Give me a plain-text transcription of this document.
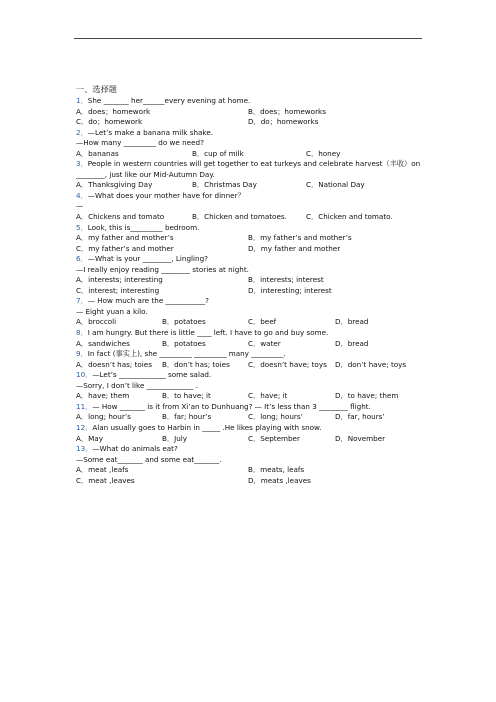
一、选择题
1．She _______ her______every evening at home.
A．does；homework	B．does；homeworks
C．do；homework	D．do；homeworks
2．—Let’s make a banana milk shake.
—How many _________ do we need?
A．bananas	B．cup of milk	C．honey
3．People in western countries will get together to eat turkeys and celebrate harvest（丰收）on
________, just like our Mid-Autumn Day.
A．Thanksgiving Day	B．Christmas Day	C．National Day
4．—What does your mother have for dinner？
—
A．Chickens and tomato	B．Chicken and tomatoes.	C．Chicken and tomato.
5．Look, this is_________ bedroom.
A．my father and mother’s	B．my father’s and mother’s
C．my father’s and mother	D．my father and mother
6．—What is your ________, Lingling?
—I really enjoy reading ________ stories at night.
A．interests; interesting	B．interests; interest
C．interest; interesting	D．interesting; interest
7．— How much are the ___________?
— Eight yuan a kilo.
A．broccoli	B．potatoes	C．beef	D．bread
8．I am hungry. But there is little ____ left. I have to go and buy some.
A．sandwiches	B．potatoes	C．water	D．bread
9．In fact (事实上), she _________ _________ many _________.
A．doesn’t has; toies B．don’t has; toies	C．doesn’t have; toys D．don’t have; toys
10．—Let’s _____________ some salad.
—Sorry, I don’t like _____________ .
A．have; them	B．to have; it	C．have; it	D．to have; them
11．— How _______ is it from Xi’an to Dunhuang? — It’s less than 3 ________ flight.
A．long; hour’s	B．far; hour’s	C．long; hours’	D．far, hours’
12．Alan usually goes to Harbin in _____ .He likes playing with snow.
A．May	B．July	C．September	D．November
13．—What do animals eat?
—Some eat_______ and some eat_______.
A．meat ,leafs	B．meats, leafs
C．meat ,leaves	D．meats ,leaves
